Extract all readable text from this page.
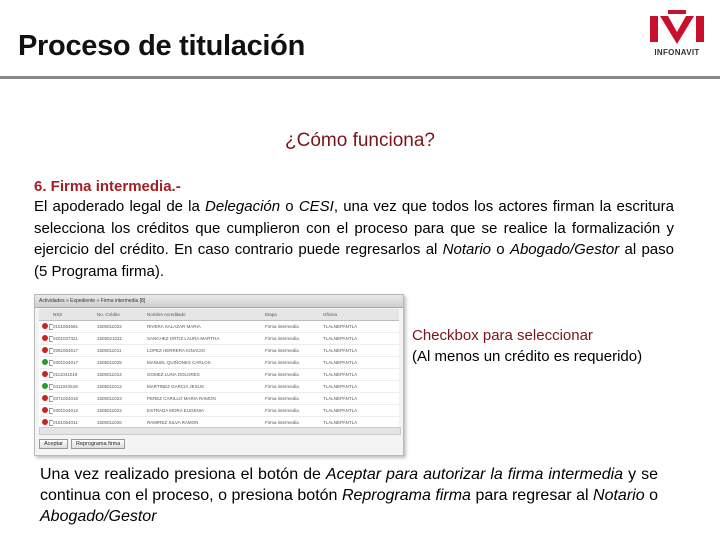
Proceso de titulación	INFONAVIT
¿Cómo funciona?
6. Firma intermedia.-
El apoderado legal de la Delegación o CESI, una vez que todos los actores firman la escritura selecciona los créditos que cumplieron con el proceso para que se realice la formalización y ejercicio del crédito. En caso contrario puede regresarlos al Notario o Abogado/Gestor al paso (5 Programa firma).
Actividades » Expediente » Firma intermedia [8]
NSS	No. Crédito	Nombre Acreditado	Etapa	Oficina
0151054581	1505011022	RIVERA SALAZAR MARIA	Firma intermedia	TLALNEPANTLA
0201037421	1505021031	SANCHEZ ORTIZ LAURA MARTHA	Firma intermedia	TLALNEPANTLA
0281054517	1505011011	LOPEZ HERRERA IGNACIO	Firma intermedia	TLALNEPANTLA
0301044017	1505011025	MANUEL QUIÑONES CARLOS	Firma intermedia	TLALNEPANTLA
0111041019	1505011014	GOMEZ LUNA DOLORES	Firma intermedia	TLALNEPANTLA
0411044518	1505011012	MARTINEZ GARCIA JESUS	Firma intermedia	TLALNEPANTLA
0371024016	1505011023	PEREZ CARILLO MARIA RAMON	Firma intermedia	TLALNEPANTLA
0301044012	1505011022	ESTRADA MORA EUGENIA	Firma intermedia	TLALNEPANTLA
0181054011	1505011026	RAMIREZ SILVA RAMON	Firma intermedia	TLALNEPANTLA
Aceptar	Reprograma firma
Checkbox para seleccionar
(Al menos un crédito es requerido)
Una vez realizado presiona el botón de Aceptar para autorizar la firma intermedia y se continua con el proceso, o presiona botón Reprograma firma para regresar al Notario o Abogado/Gestor
